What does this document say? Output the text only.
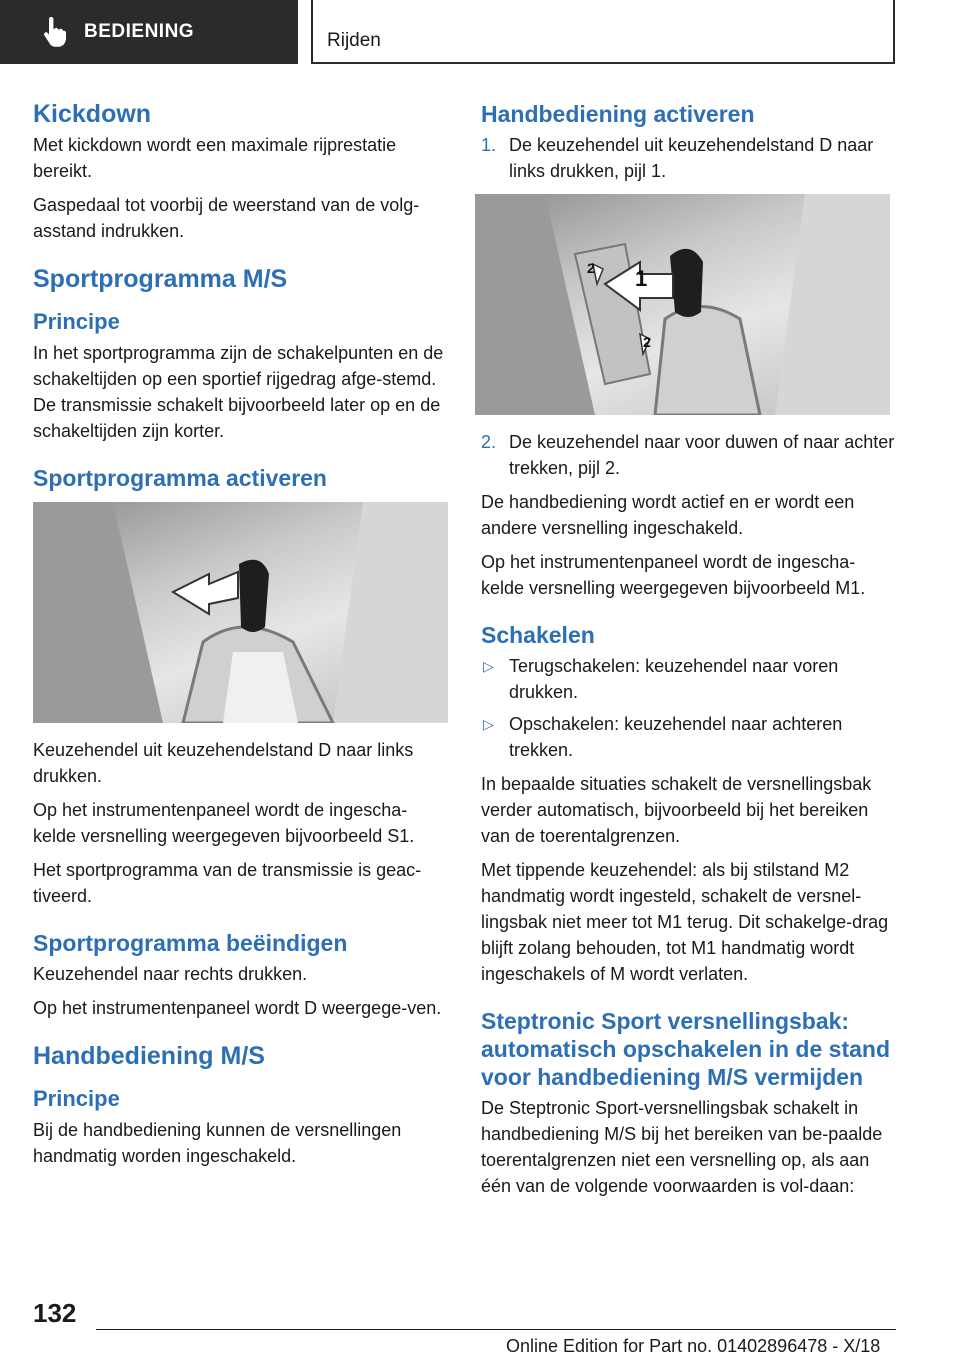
BEDIENING	Rijden
Kickdown

Met kickdown wordt een maximale rijprestatie bereikt.

Gaspedaal tot voorbij de weerstand van de volg-asstand indrukken.

Sportprogramma M/S
Principe

In het sportprogramma zijn de schakelpunten en de schakeltijden op een sportief rijgedrag afge-stemd. De transmissie schakelt bijvoorbeeld later op en de schakeltijden zijn korter.

Sportprogramma activeren

Keuzehendel uit keuzehendelstand D naar links drukken.

Op het instrumentenpaneel wordt de ingescha-kelde versnelling weergegeven bijvoorbeeld S1.

Het sportprogramma van de transmissie is geac-tiveerd.

Sportprogramma beëindigen

Keuzehendel naar rechts drukken.

Op het instrumentenpaneel wordt D weergege-ven.

Handbediening M/S
Principe

Bij de handbediening kunnen de versnellingen handmatig worden ingeschakeld.

Handbediening activeren
1. De keuzehendel uit keuzehendelstand D naar links drukken, pijl 1.
1
2
2
2. De keuzehendel naar voor duwen of naar achter trekken, pijl 2.

De handbediening wordt actief en er wordt een andere versnelling ingeschakeld.

Op het instrumentenpaneel wordt de ingescha-kelde versnelling weergegeven bijvoorbeeld M1.

Schakelen
▷ Terugschakelen: keuzehendel naar voren drukken.
▷ Opschakelen: keuzehendel naar achteren trekken.

In bepaalde situaties schakelt de versnellingsbak verder automatisch, bijvoorbeeld bij het bereiken van de toerentalgrenzen.

Met tippende keuzehendel: als bij stilstand M2 handmatig wordt ingesteld, schakelt de versnel-lingsbak niet meer tot M1 terug. Dit schakelge-drag blijft zolang behouden, tot M1 handmatig wordt ingeschakels of M wordt verlaten.

Steptronic Sport versnellingsbak: automatisch opschakelen in de stand voor handbediening M/S vermijden

De Steptronic Sport-versnellingsbak schakelt in handbediening M/S bij het bereiken van be-paalde toerentalgrenzen niet een versnelling op, als aan één van de volgende voorwaarden is vol-daan:

132
Online Edition for Part no. 01402896478 - X/18
